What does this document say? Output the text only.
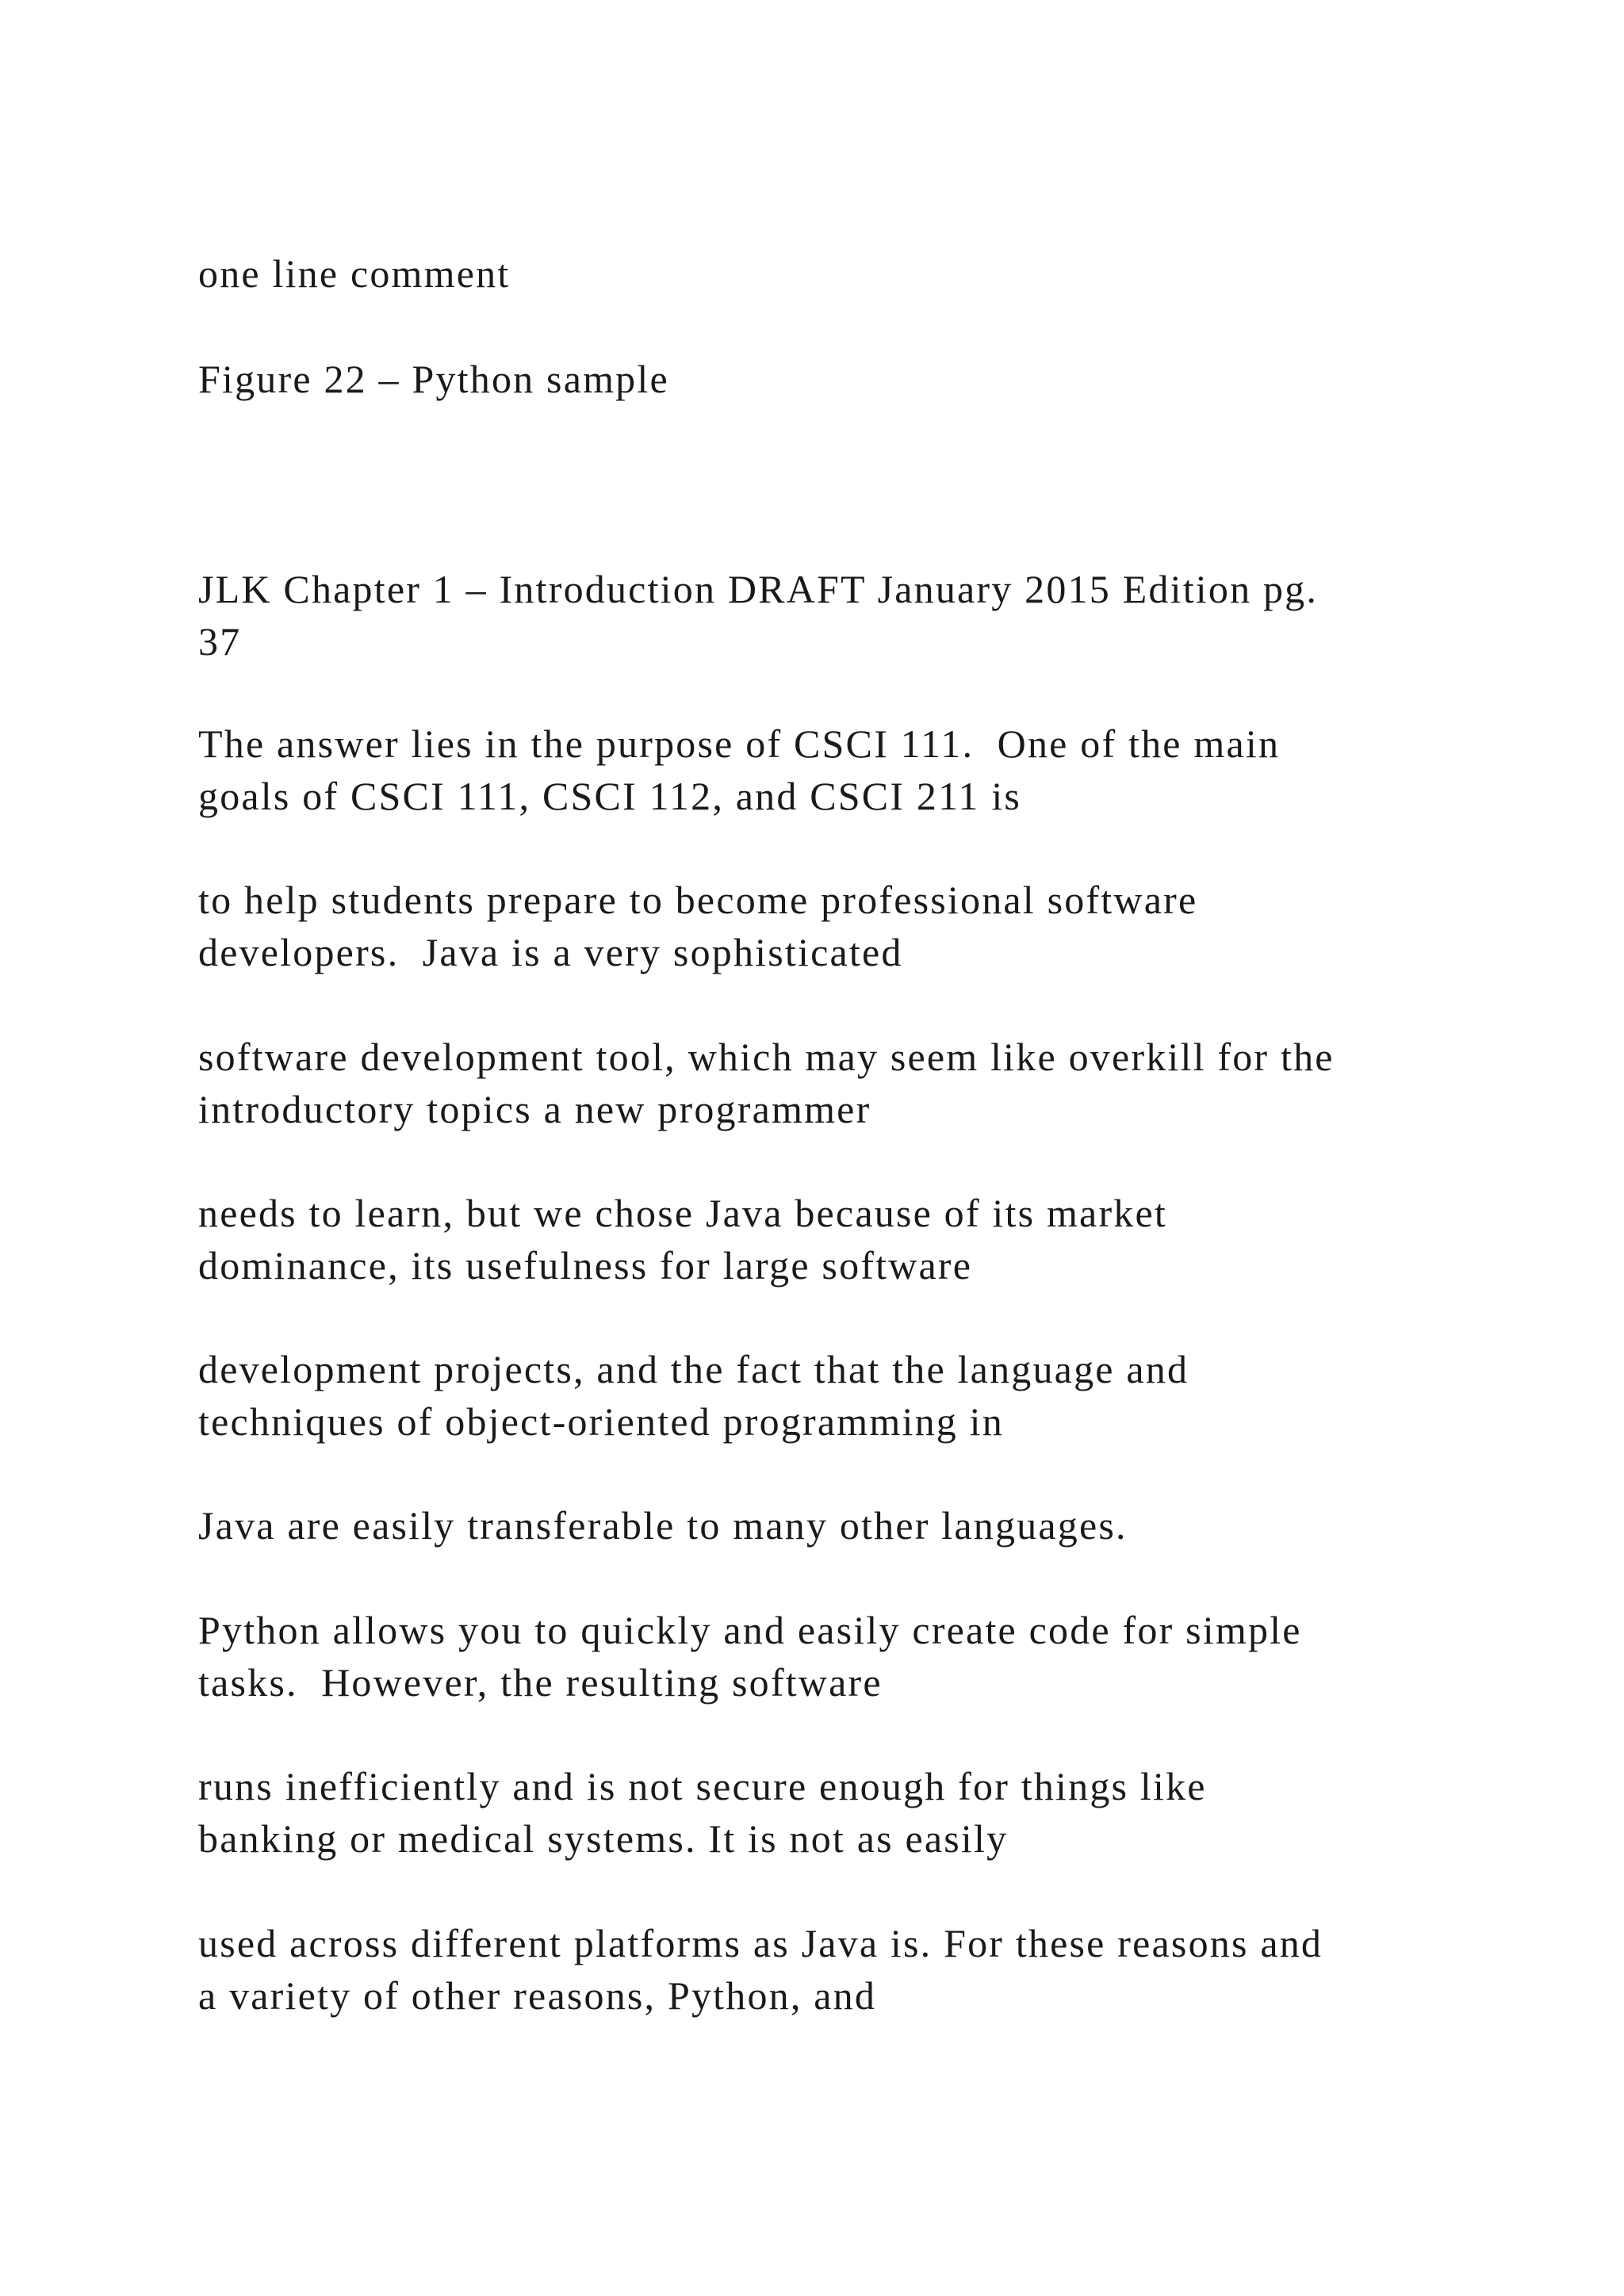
one line comment

Figure 22 – Python sample

JLK Chapter 1 – Introduction DRAFT January 2015 Edition pg.

37

The answer lies in the purpose of CSCI 111.  One of the main

goals of CSCI 111, CSCI 112, and CSCI 211 is

to help students prepare to become professional software

developers.  Java is a very sophisticated

software development tool, which may seem like overkill for the

introductory topics a new programmer

needs to learn, but we chose Java because of its market

dominance, its usefulness for large software

development projects, and the fact that the language and

techniques of object-oriented programming in

Java are easily transferable to many other languages.

Python allows you to quickly and easily create code for simple

tasks.  However, the resulting software

runs inefficiently and is not secure enough for things like

banking or medical systems. It is not as easily

used across different platforms as Java is. For these reasons and

a variety of other reasons, Python, and
